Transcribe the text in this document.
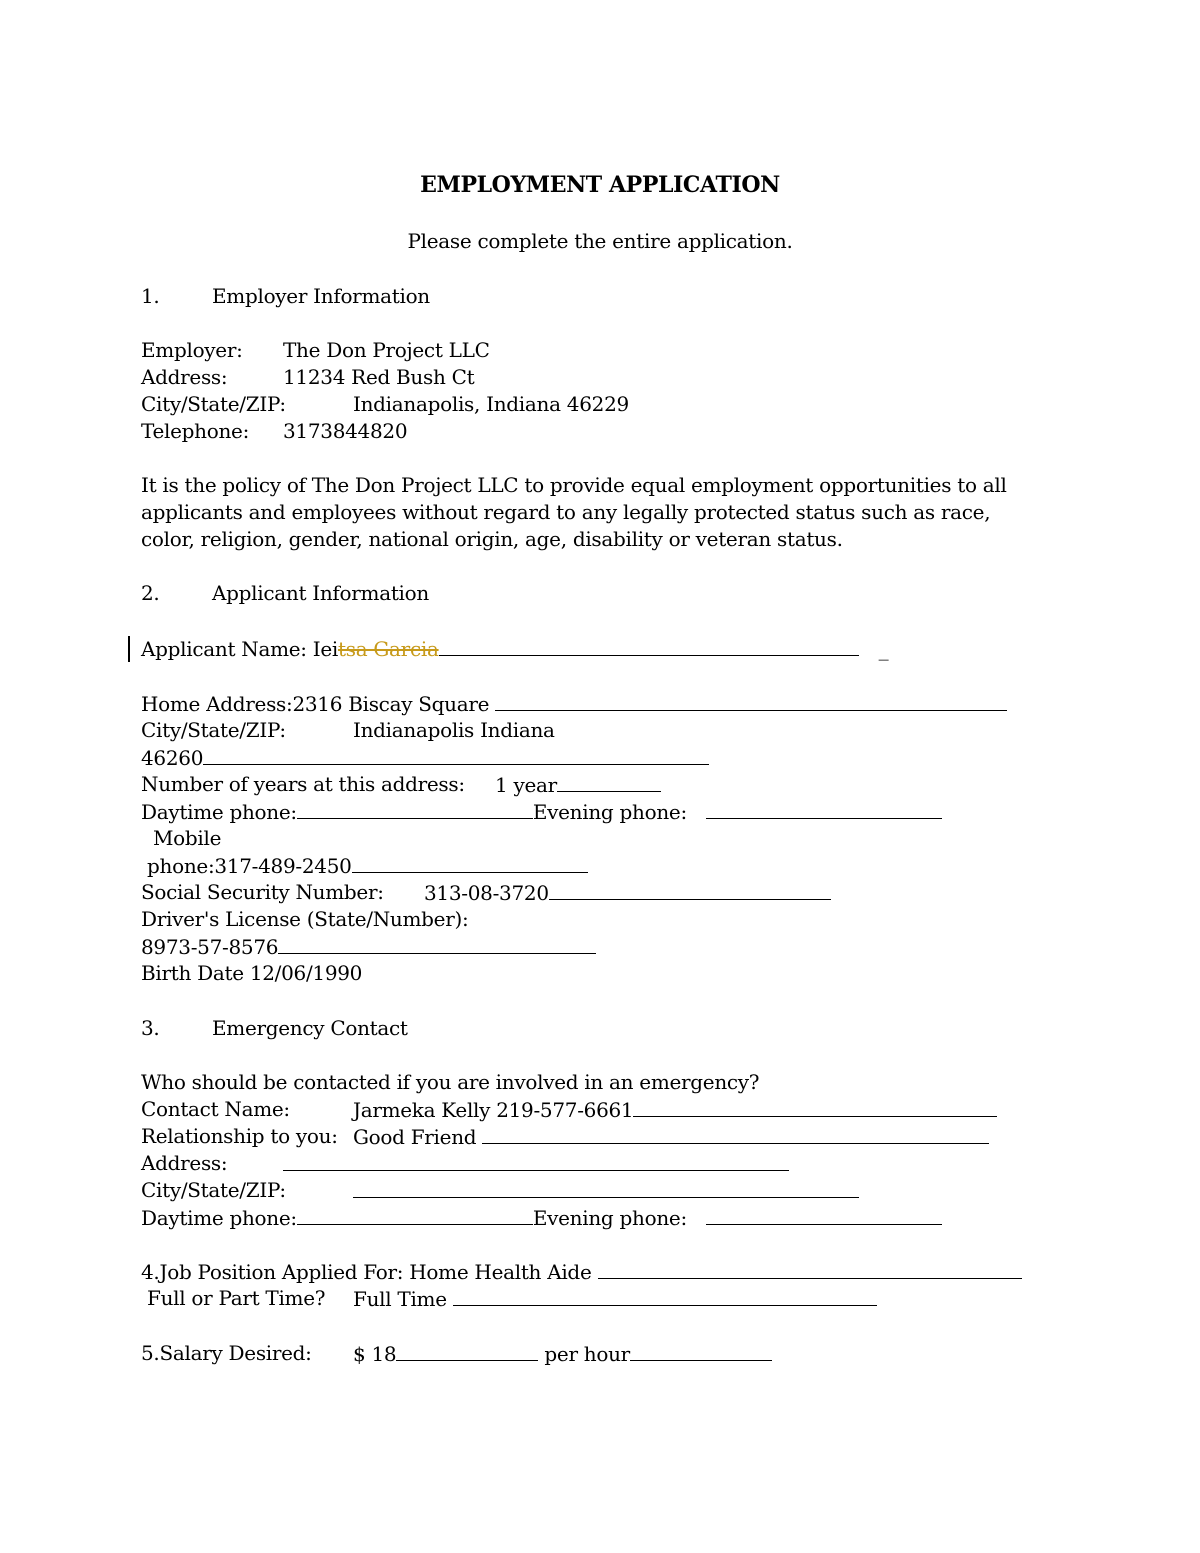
EMPLOYMENT APPLICATION
Please complete the entire application.
1.	Employer Information
Employer: The Don Project LLC
Address:	11234 Red Bush Ct
City/State/ZIP:	Indianapolis, Indiana 46229
Telephone: 3173844820
It is the policy of The Don Project LLC to provide equal employment opportunities to all applicants and employees without regard to any legally protected status such as race, color, religion, gender, national origin, age, disability or veteran status.
2.	Applicant Information
Applicant Name: Ieitsa Garcia	_
Home Address:2316 Biscay Square
City/State/ZIP:	Indianapolis Indiana
46260
Number of years at this address: 1 year
Daytime phone:	Evening phone:
Mobile
phone:317-489-2450
Social Security Number: 313-08-3720
Driver's License (State/Number):
8973-57-8576
Birth Date 12/06/1990
3.	Emergency Contact
Who should be contacted if you are involved in an emergency?
Contact Name:	Jarmeka Kelly 219-577-6661
Relationship to you: Good Friend
Address:
City/State/ZIP:
Daytime phone:	Evening phone:
4.Job Position Applied For: Home Health Aide
Full or Part Time? Full Time
5.Salary Desired: $ 18	per hour
